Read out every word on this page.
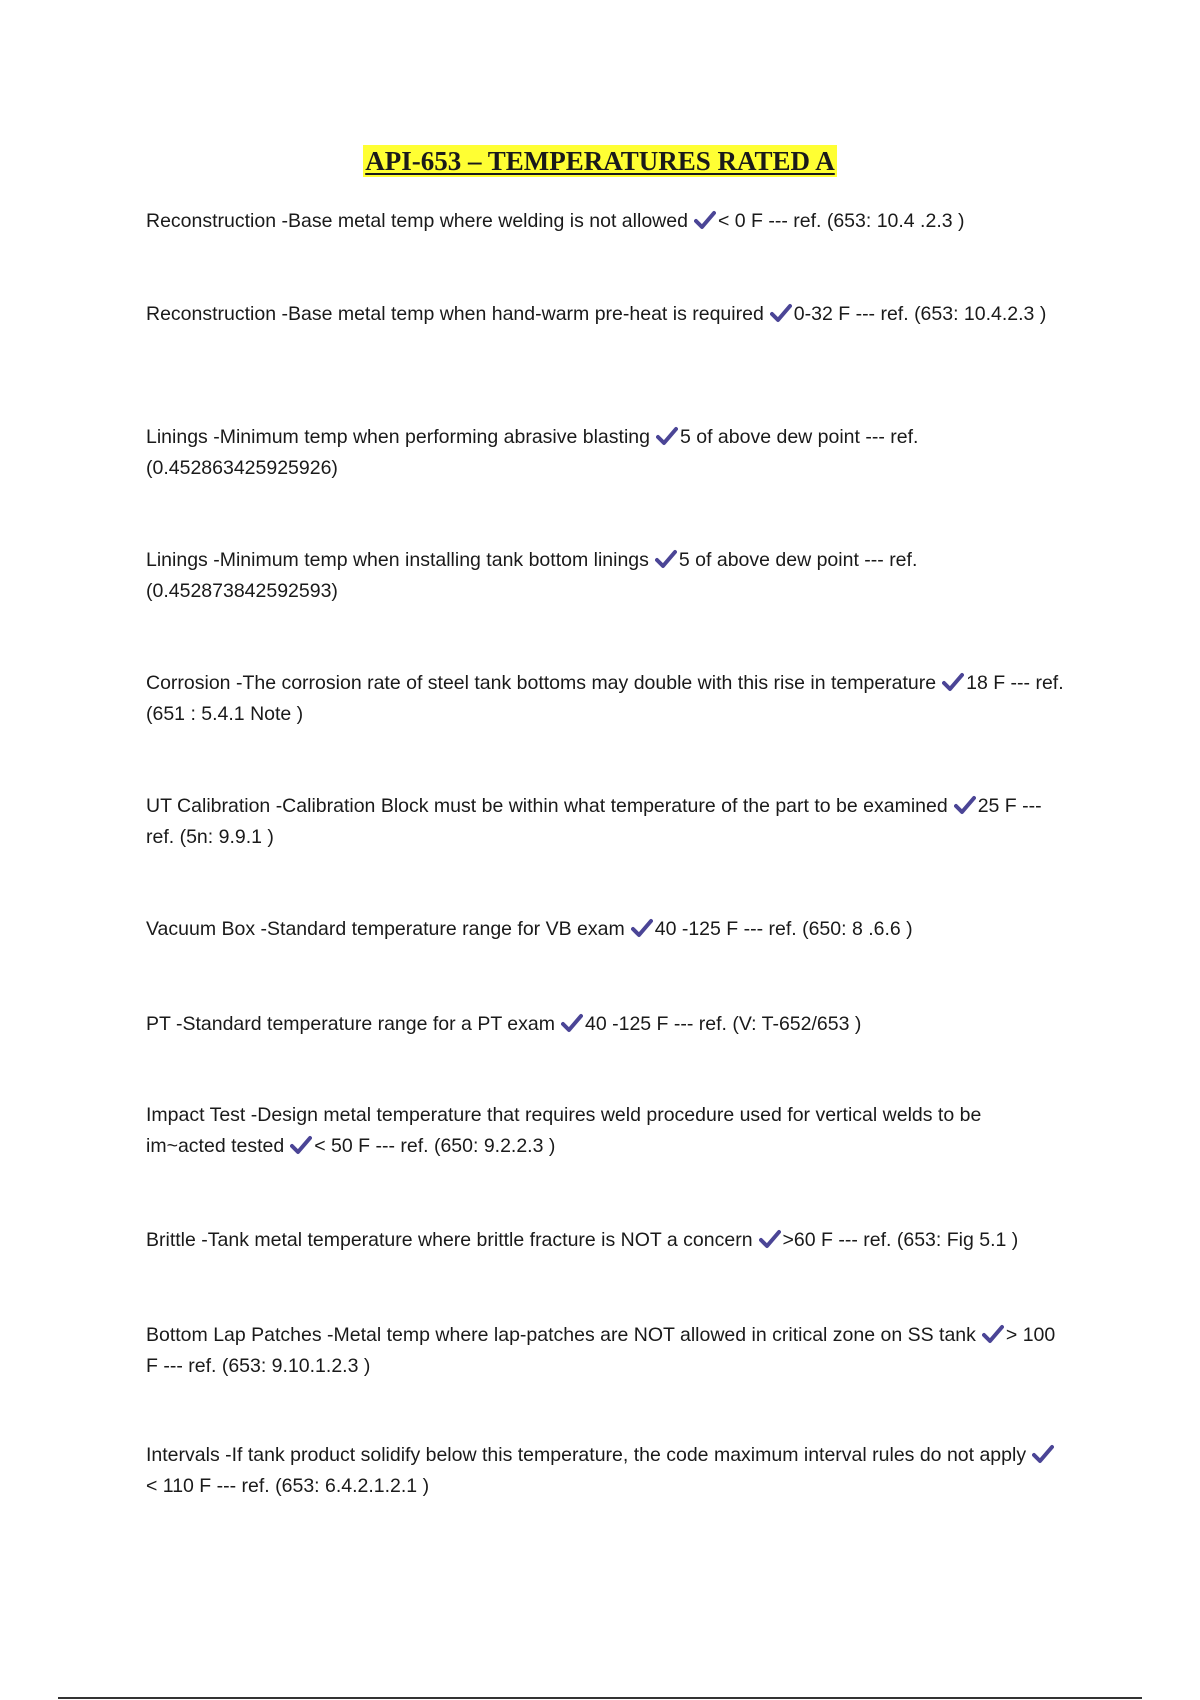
API-653 – TEMPERATURES RATED A
Reconstruction -Base metal temp where welding is not allowed < 0 F --- ref. (653: 10.4 .2.3 )
Reconstruction -Base metal temp when hand-warm pre-heat is required 0-32 F --- ref. (653: 10.4.2.3 )
Linings -Minimum temp when performing abrasive blasting 5 of above dew point --- ref. (0.452863425925926)
Linings -Minimum temp when installing tank bottom linings 5 of above dew point --- ref. (0.452873842592593)
Corrosion -The corrosion rate of steel tank bottoms may double with this rise in temperature 18 F --- ref. (651 : 5.4.1 Note )
UT Calibration -Calibration Block must be within what temperature of the part to be examined 25 F --- ref. (5n: 9.9.1 )
Vacuum Box -Standard temperature range for VB exam 40 -125 F --- ref. (650: 8 .6.6 )
PT -Standard temperature range for a PT exam 40 -125 F --- ref. (V: T-652/653 )
Impact Test -Design metal temperature that requires weld procedure used for vertical welds to be im~acted tested < 50 F --- ref. (650: 9.2.2.3 )
Brittle -Tank metal temperature where brittle fracture is NOT a concern >60 F --- ref. (653: Fig 5.1 )
Bottom Lap Patches -Metal temp where lap-patches are NOT allowed in critical zone on SS tank > 100 F --- ref. (653: 9.10.1.2.3 )
Intervals -If tank product solidify below this temperature, the code maximum interval rules do not apply
< 110 F --- ref. (653: 6.4.2.1.2.1 )
